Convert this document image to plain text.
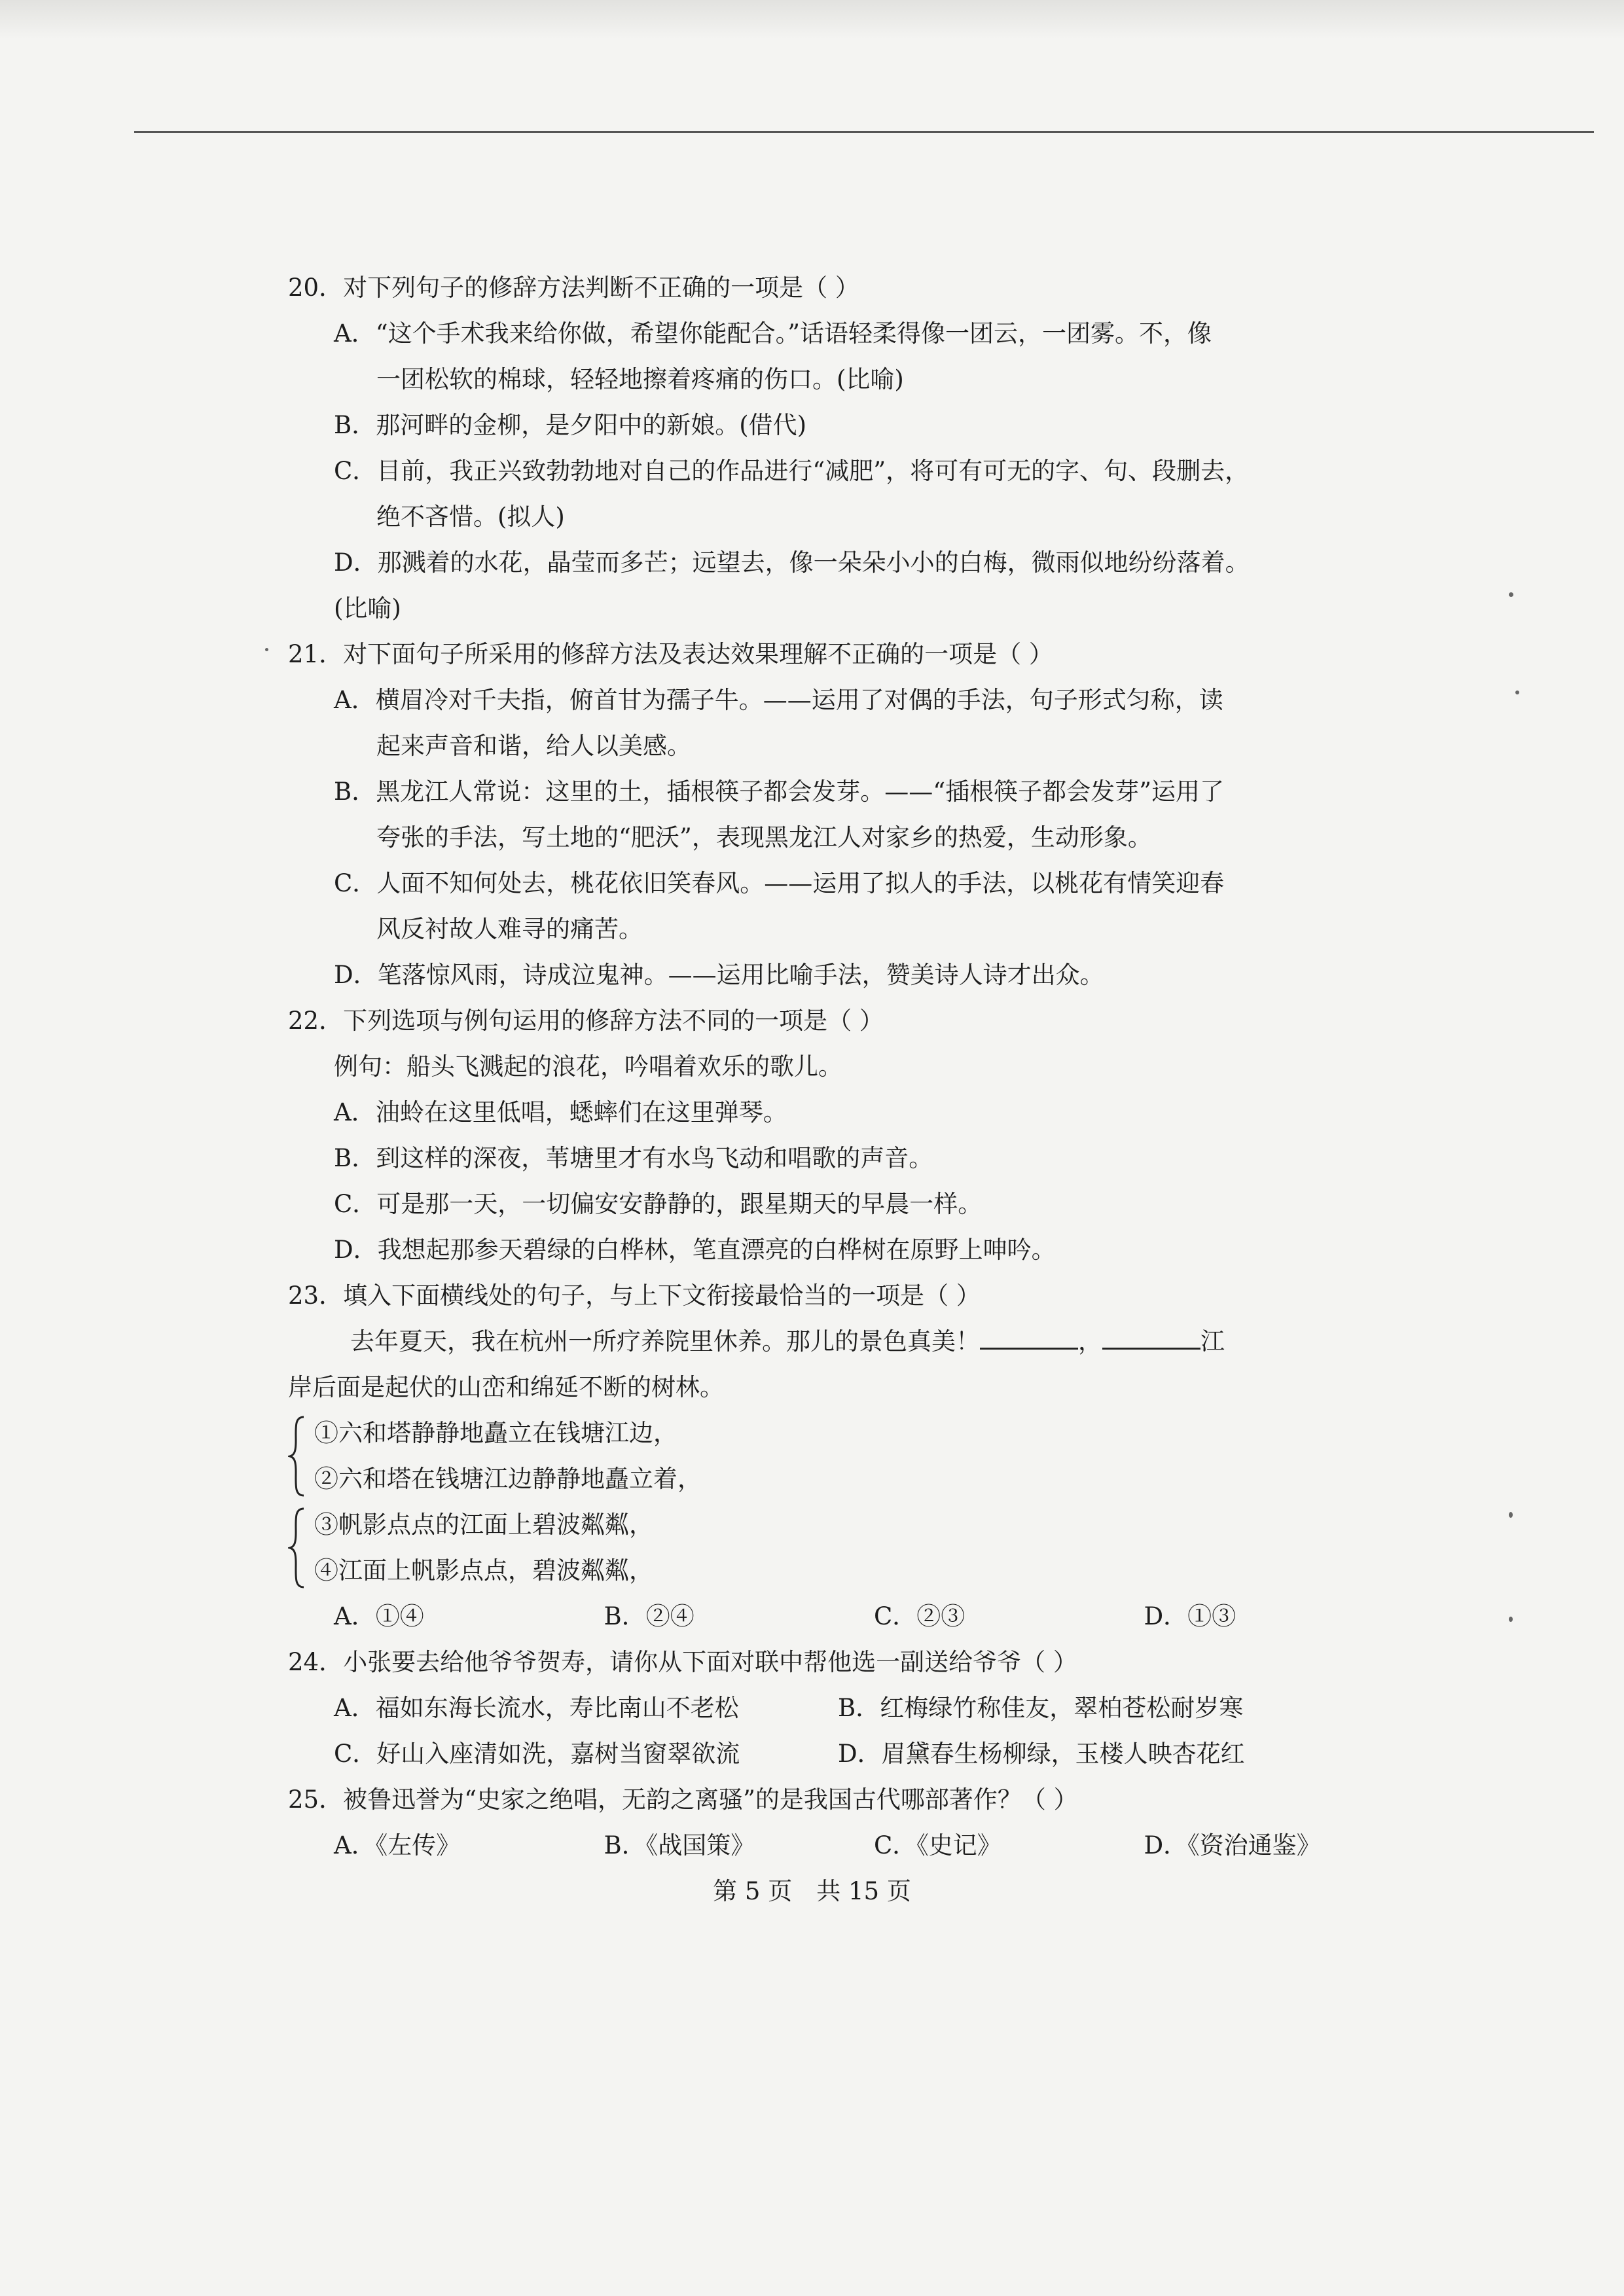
20．对下列句子的修辞方法判断不正确的一项是（ ）
A．“这个手术我来给你做，希望你能配合。”话语轻柔得像一团云，一团雾。不，像
一团松软的棉球，轻轻地擦着疼痛的伤口。(比喻)
B．那河畔的金柳，是夕阳中的新娘。(借代)
C．目前，我正兴致勃勃地对自己的作品进行“减肥”，将可有可无的字、句、段删去，
绝不吝惜。(拟人)
D．那溅着的水花，晶莹而多芒；远望去，像一朵朵小小的白梅，微雨似地纷纷落着。
(比喻)
21．对下面句子所采用的修辞方法及表达效果理解不正确的一项是（ ）
A．横眉冷对千夫指，俯首甘为孺子牛。——运用了对偶的手法，句子形式匀称，读
起来声音和谐，给人以美感。
B．黑龙江人常说：这里的土，插根筷子都会发芽。——“插根筷子都会发芽”运用了
夸张的手法，写土地的“肥沃”，表现黑龙江人对家乡的热爱，生动形象。
C．人面不知何处去，桃花依旧笑春风。——运用了拟人的手法，以桃花有情笑迎春
风反衬故人难寻的痛苦。
D．笔落惊风雨，诗成泣鬼神。——运用比喻手法，赞美诗人诗才出众。
22．下列选项与例句运用的修辞方法不同的一项是（ ）
例句：船头飞溅起的浪花，吟唱着欢乐的歌儿。
A．油蛉在这里低唱，蟋蟀们在这里弹琴。
B．到这样的深夜，苇塘里才有水鸟飞动和唱歌的声音。
C．可是那一天，一切偏安安静静的，跟星期天的早晨一样。
D．我想起那参天碧绿的白桦林，笔直漂亮的白桦树在原野上呻吟。
23．填入下面横线处的句子，与上下文衔接最恰当的一项是（ ）
去年夏天，我在杭州一所疗养院里休养。那儿的景色真美！	，	江
岸后面是起伏的山峦和绵延不断的树林。
①六和塔静静地矗立在钱塘江边，
②六和塔在钱塘江边静静地矗立着，
③帆影点点的江面上碧波粼粼，
④江面上帆影点点，碧波粼粼，
A．①④	B．②④	C．②③	D．①③
24．小张要去给他爷爷贺寿，请你从下面对联中帮他选一副送给爷爷（ ）
A．福如东海长流水，寿比南山不老松	B．红梅绿竹称佳友，翠柏苍松耐岁寒
C．好山入座清如洗，嘉树当窗翠欲流	D．眉黛春生杨柳绿，玉楼人映杏花红
25．被鲁迅誉为“史家之绝唱，无韵之离骚”的是我国古代哪部著作？（ ）
A．《左传》	B．《战国策》	C．《史记》	D．《资治通鉴》
第 5 页　共 15 页
